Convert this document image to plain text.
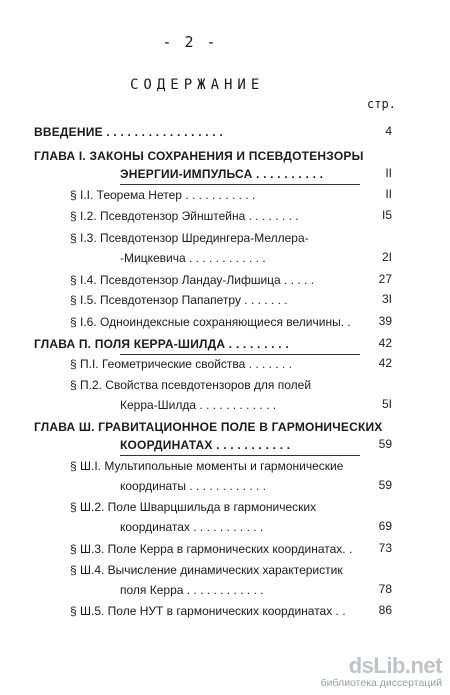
- 2 -
СОДЕРЖАНИЕ
стр.
ВВЕДЕНИЕ . . . . . . . . . . . . . . . . .	4
ГЛАВА I. ЗАКОНЫ СОХРАНЕНИЯ И ПСЕВДОТЕНЗОРЫ
ЭНЕРГИИ-ИМПУЛЬСА . . . . . . . . . .	II
§ I.I. Теорема Нетер . . . . . . . . . . .	II
§ I.2. Псевдотензор Эйнштейна . . . . . . . .	I5
§ I.3. Псевдотензор Шредингера-Меллера-
-Мицкевича . . . . . . . . . . . .	2I
§ I.4. Псевдотензор Ландау-Лифшица . . . . .	27
§ I.5. Псевдотензор Папапетру . . . . . . .	3I
§ I.6. Одноиндексные сохраняющиеся величины. . 39
ГЛАВА П. ПОЛЯ КЕРРА-ШИЛДА . . . . . . . . .	42
§ П.I. Геометрические свойства . . . . . . .	42
§ П.2. Свойства псевдотензоров для полей
Керра-Шилда . . . . . . . . . . . .	5I
ГЛАВА Ш. ГРАВИТАЦИОННОЕ ПОЛЕ В ГАРМОНИЧЕСКИХ
КООРДИНАТАХ . . . . . . . . . . .	59
§ Ш.I. Мультипольные моменты и гармонические
координаты . . . . . . . . . . . .	59
§ Ш.2. Поле Шварцшильда в гармонических
координатах . . . . . . . . . . .	69
§ Ш.3. Поле Керра в гармонических координатах. . 73
§ Ш.4. Вычисление динамических характеристик
поля Керра . . . . . . . . . . . .	78
§ Ш.5. Поле НУТ в гармонических координатах . .	86
dsLib.net
библиотека диссертаций
